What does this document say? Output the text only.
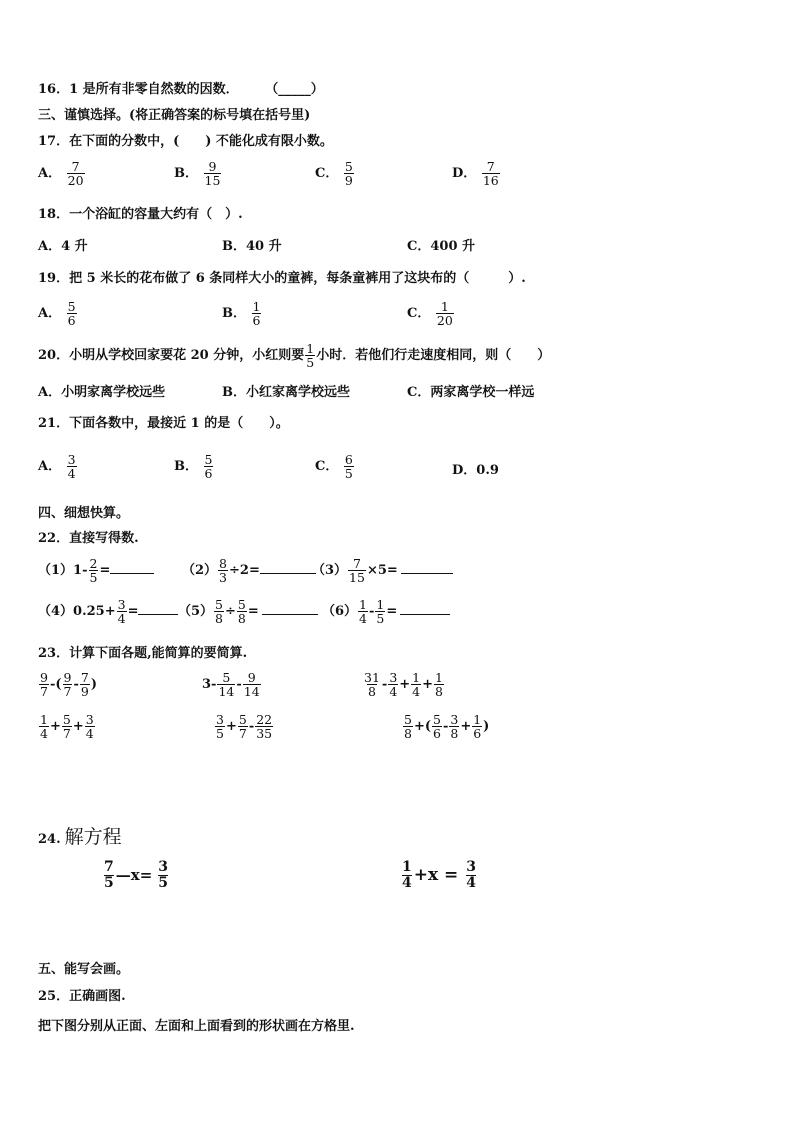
16．1 是所有非零自然数的因数． （_____）
三、谨慎选择。(将正确答案的标号填在括号里)
17．在下面的分数中，(　　) 不能化成有限小数。
A． $\frac{7}{20}$	B． $\frac{9}{15}$	C． $\frac{5}{9}$	D． $\frac{7}{16}$
18．一个浴缸的容量大约有（　）.
A．4 升	B．40 升	C．400 升
19．把 5 米长的花布做了 6 条同样大小的童裤，每条童裤用了这块布的（　　　）.
A． $\frac{5}{6}$	B． $\frac{1}{6}$	C． $\frac{1}{20}$
20．小明从学校回家要花 20 分钟，小红则要 $\frac{1}{5}$ 小时．若他们行走速度相同，则（　　）
A．小明家离学校远些	B．小红家离学校远些	C．两家离学校一样远
21．下面各数中，最接近 1 的是（　　）。
A． $\frac{3}{4}$	B． $\frac{5}{6}$	C． $\frac{6}{5}$	D．0.9
四、细想快算。
22．直接写得数.
$(1)1- \frac{2}{5}$ =	$(2) \frac{8}{3} \div 2=$	$(3) \frac{7}{15} \times 5=$
$(4)0.25+ \frac{3}{4}$ =	$(5) \frac{5}{8} \div \frac{5}{8}$ =	$(6) \frac{1}{4} - \frac{1}{5}$ =
23．计算下面各题,能简算的要简算.
$\frac{9}{7}$ -( $\frac{9}{7} - \frac{7}{9}$ )	$3- \frac{5}{14} - \frac{9}{14}$	$\frac{31}{8} - \frac{3}{4} + \frac{1}{4} + \frac{1}{8}$
$\frac{1}{4} + \frac{5}{7} + \frac{3}{4}$	$\frac{3}{5} + \frac{5}{7} - \frac{22}{35}$	$\frac{5}{8}$ +( $\frac{5}{6} - \frac{3}{8} + \frac{1}{6}$ )
24. 解方程
$\frac{7}{5}$ —x= $\frac{3}{5}$	$\frac{1}{4} +x = \frac{3}{4}$
五、能写会画。
25．正确画图.
把下图分别从正面、左面和上面看到的形状画在方格里.
